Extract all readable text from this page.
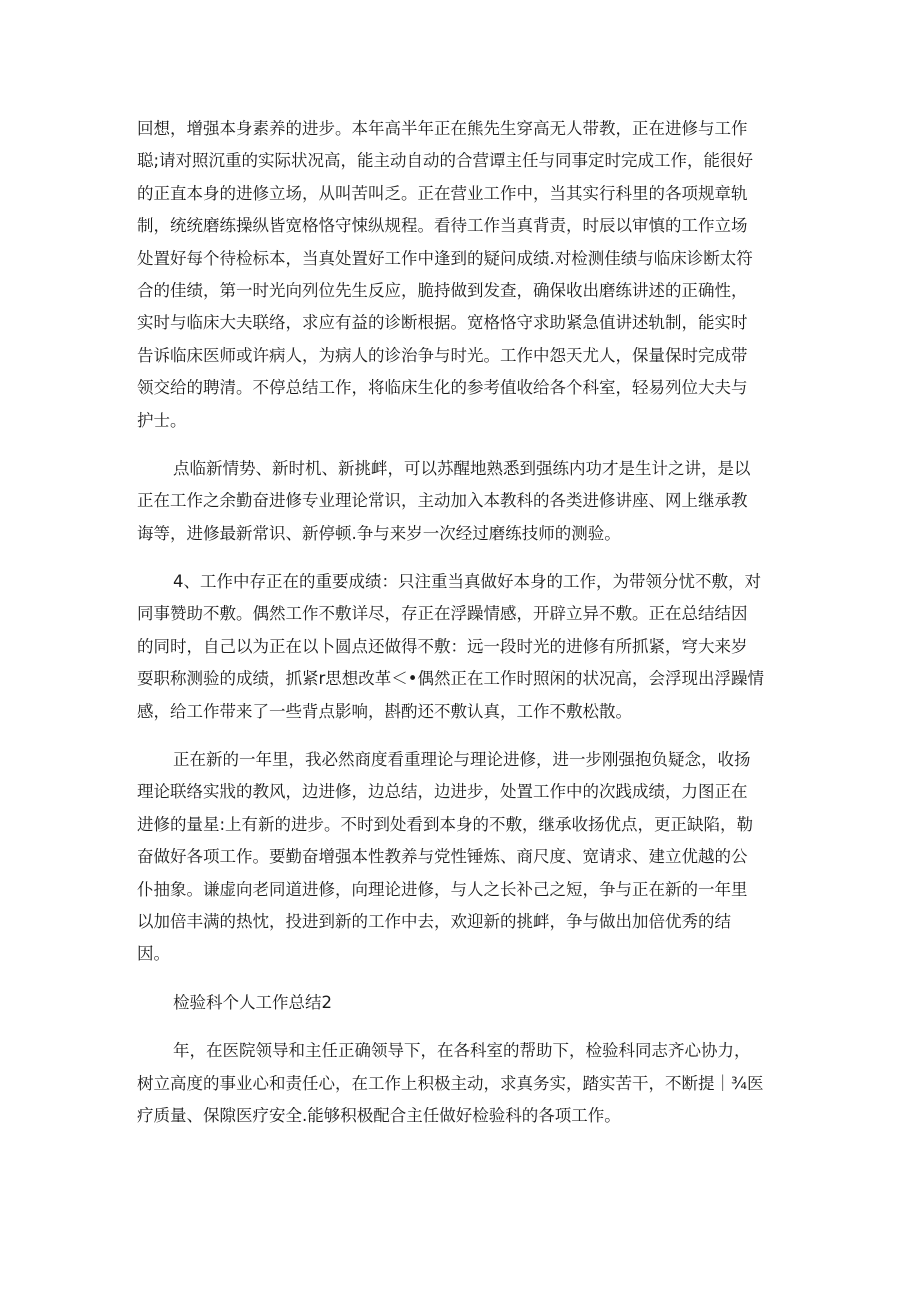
回想，增强本身素养的进步。本年高半年正在熊先生穿高无人带教，正在进修与工作
聪;请对照沉重的实际状况高，能主动自动的合营谭主任与同事定时完成工作，能很好
的正直本身的进修立场，从叫苦叫乏。正在营业工作中，当其实行科里的各项规章轨
制，统统磨练操纵皆宽格恪守悚纵规程。看待工作当真背责，时辰以审慎的工作立场
处置好每个待检标本，当真处置好工作中逢到的疑问成绩.对检测佳绩与临床诊断太符
合的佳绩，第一时光向列位先生反应，脆持做到发查，确保收出磨练讲述的正确性，
实时与临床大夫联络，求应有益的诊断根据。宽格恪守求助紧急值讲述轨制，能实时
告诉临床医师或许病人，为病人的诊治争与时光。工作中怨天尤人，保量保时完成带
领交给的聘清。不停总结工作，将临床生化的参考值收给各个科室，轻易列位大夫与
护士。
点临新情势、新时机、新挑衅，可以苏醒地熟悉到强练内功才是生计之讲，是以
正在工作之余勤奋进修专业理论常识，主动加入本教科的各类进修讲座、网上继承教
诲等，进修最新常识、新停顿.争与来岁一次经过磨练技师的测验。
4、工作中存正在的重要成绩：只注重当真做好本身的工作，为带领分忧不敷，对
同事赞助不敷。偶然工作不敷详尽，存正在浮躁情感，开辟立异不敷。正在总结结因
的同时，自己以为正在以卜圆点还做得不敷：远一段时光的进修有所抓紧，穹大来岁
耍职称测验的成绩，抓紧r思想改革＜•偶然正在工作时照闲的状况高，会浮现出浮躁情
感，给工作带来了一些背点影响，斟酌还不敷认真，工作不敷松散。
正在新的一年里，我必然商度看重理论与理论进修，进一步刚强抱负疑念，收扬
理论联络实戕的教风，边进修，边总结，边进步，处置工作中的次践成绩，力图正在
进修的量星:上有新的进步。不时到处看到本身的不敷，继承收扬优点，更正缺陷，勒
奋做好各项工作。要勤奋增强本性教养与党性锤炼、商尺度、宽请求、建立优越的公
仆抽象。谦虚向老同道进修，向理论进修，与人之长补己之短，争与正在新的一年里
以加倍丰满的热忱，投进到新的工作中去，欢迎新的挑衅，争与做出加倍优秀的结
因。
检验科个人工作总结2
年，在医院领导和主任正确领导下，在各科室的帮助下，检验科同志齐心协力，
树立高度的事业心和责任心，在工作上积极主动，求真务实，踏实苦干，不断提｜¾医
疗质量、保隙医疗安全.能够积极配合主任做好检验科的各项工作。
